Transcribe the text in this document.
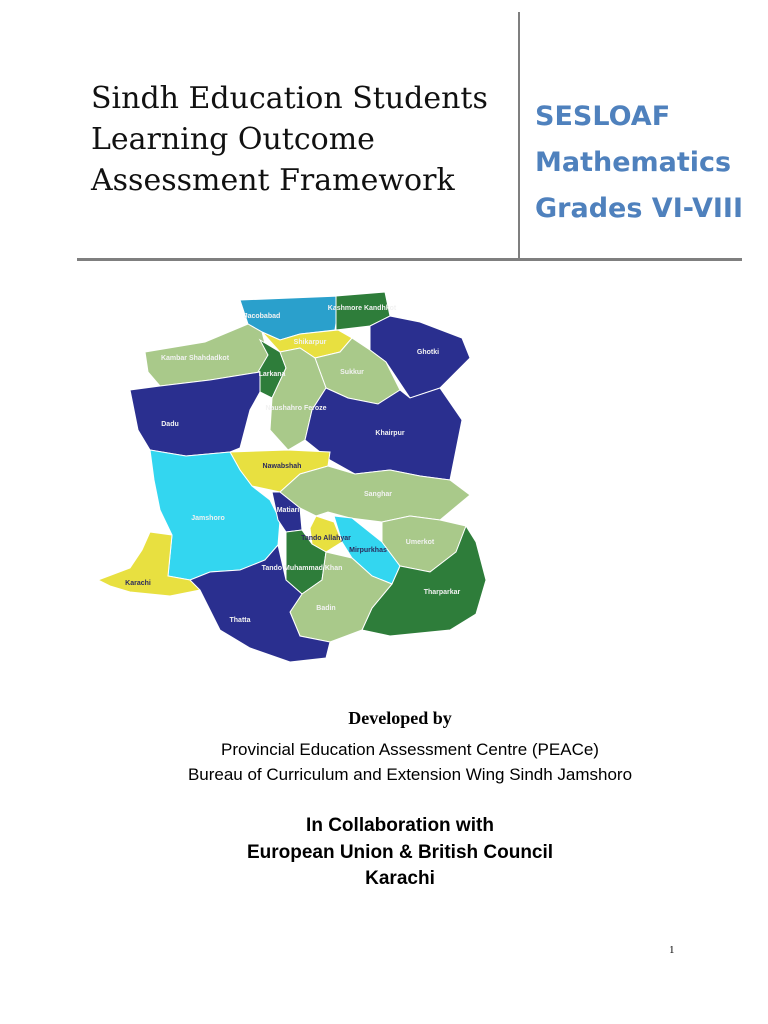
Sindh Education Students
Learning Outcome
Assessment Framework
SESLOAF
Mathematics
Grades VI-VIII
Jacobabad
Kashmore Kandhkot
Shikarpur
Ghotki
Kambar Shahdadkot
Larkana	Sukkur
Dadu
Naushahro Feroze
Khairpur
Nawabshah
Sanghar
Jamshoro
Matiari
Tando Allahyar
Mirpurkhas
Umerkot
Karachi
Tando Muhammad Khan
Badin
Tharparkar
Thatta
Developed by
Provincial Education Assessment Centre (PEACe)
Bureau of Curriculum and Extension Wing Sindh Jamshoro
In Collaboration with
European Union & British Council
Karachi
1
